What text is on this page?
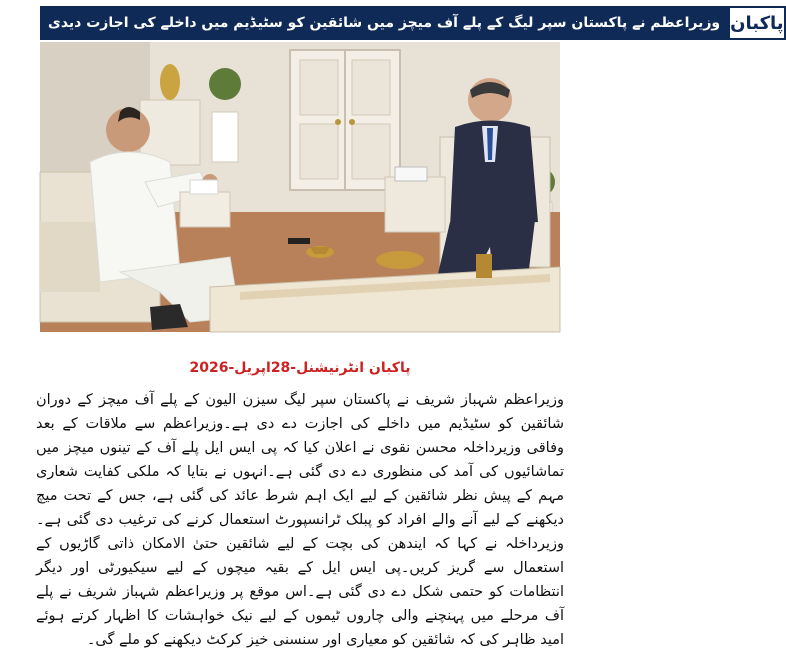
وزیراعظم نے پاکستان سپر لیگ کے پلے آف میچز میں شائقین کو سٹیڈیم میں داخلے کی اجازت دیدی پاکبان
پاکبان انٹرنیشنل-28اپریل-2026
وزیراعظم شہباز شریف نے پاکستان سپر لیگ سیزن الیون کے پلے آف میچز کے دوران شائقین کو سٹیڈیم میں داخلے کی اجازت دے دی ہے۔وزیراعظم سے ملاقات کے بعد وفاقی وزیرداخلہ محسن نقوی نے اعلان کیا کہ پی ایس ایل پلے آف کے تینوں میچز میں تماشائیوں کی آمد کی منظوری دے دی گئی ہے۔انہوں نے بتایا کہ ملکی کفایت شعاری مہم کے پیش نظر شائقین کے لیے ایک اہم شرط عائد کی گئی ہے، جس کے تحت میچ دیکھنے کے لیے آنے والے افراد کو پبلک ٹرانسپورٹ استعمال کرنے کی ترغیب دی گئی ہے۔وزیرداخلہ نے کہا کہ ایندھن کی بچت کے لیے شائقین حتیٰ الامکان ذاتی گاڑیوں کے استعمال سے گریز کریں۔پی ایس ایل کے بقیہ میچوں کے لیے سیکیورٹی اور دیگر انتظامات کو حتمی شکل دے دی گئی ہے۔اس موقع پر وزیراعظم شہباز شریف نے پلے آف مرحلے میں پہنچنے والی چاروں ٹیموں کے لیے نیک خواہشات کا اظہار کرتے ہوئے امید ظاہر کی کہ شائقین کو معیاری اور سنسنی خیز کرکٹ دیکھنے کو ملے گی۔
